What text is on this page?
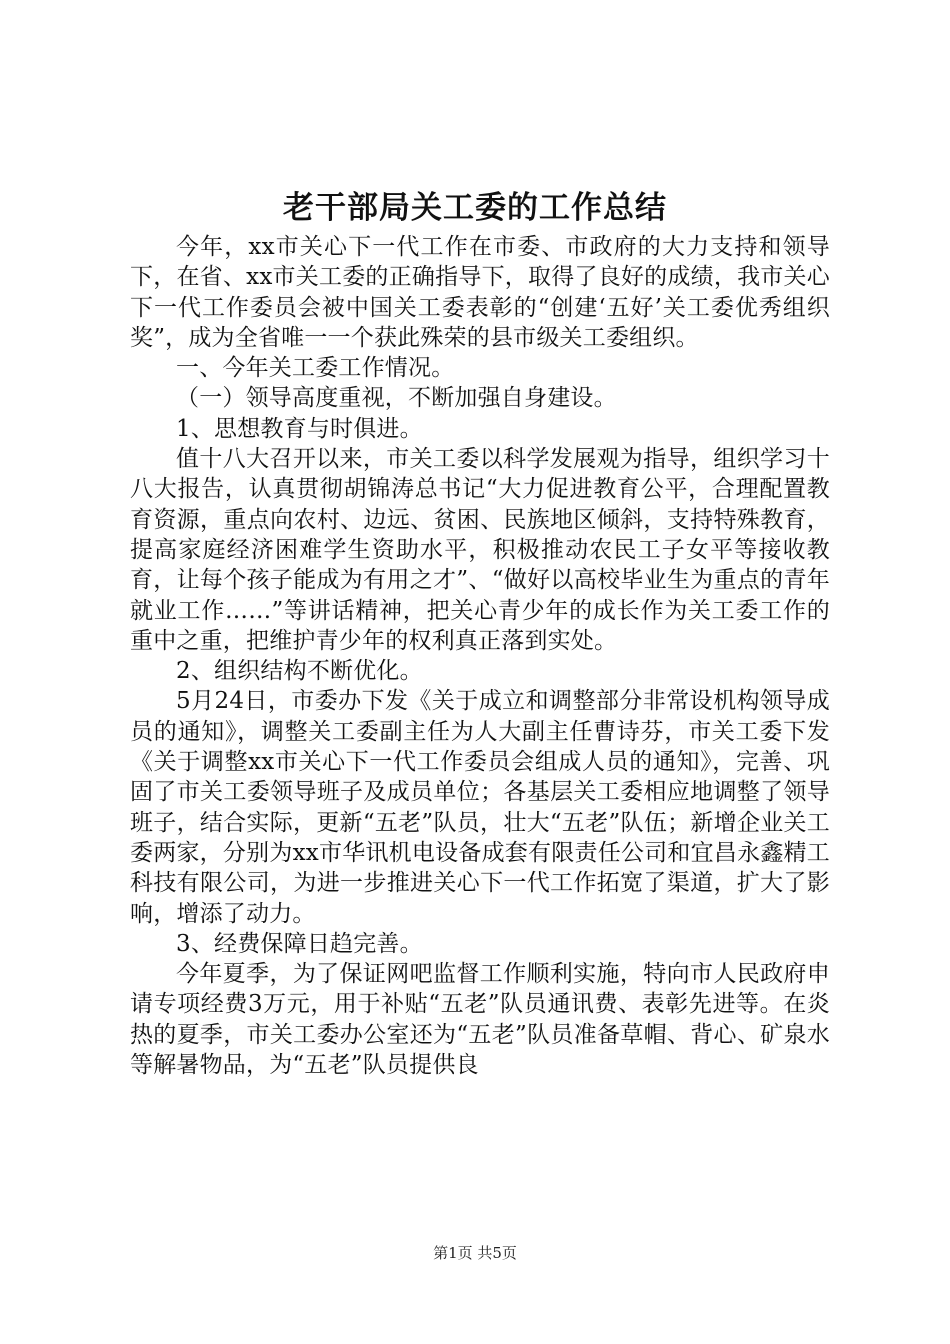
老干部局关工委的工作总结

今年，xx市关心下一代工作在市委、市政府的大力支持和领导下，在省、xx市关工委的正确指导下，取得了良好的成绩，我市关心下一代工作委员会被中国关工委表彰的“创建‘五好’关工委优秀组织奖”，成为全省唯一一个获此殊荣的县市级关工委组织。

一、今年关工委工作情况。

（一）领导高度重视，不断加强自身建设。

1、思想教育与时俱进。

值十八大召开以来，市关工委以科学发展观为指导，组织学习十八大报告，认真贯彻胡锦涛总书记“大力促进教育公平，合理配置教育资源，重点向农村、边远、贫困、民族地区倾斜，支持特殊教育，提高家庭经济困难学生资助水平，积极推动农民工子女平等接收教育，让每个孩子能成为有用之才”、“做好以高校毕业生为重点的青年就业工作……”等讲话精神，把关心青少年的成长作为关工委工作的重中之重，把维护青少年的权利真正落到实处。

2、组织结构不断优化。

5月24日，市委办下发《关于成立和调整部分非常设机构领导成员的通知》，调整关工委副主任为人大副主任曹诗芬，市关工委下发《关于调整xx市关心下一代工作委员会组成人员的通知》，完善、巩固了市关工委领导班子及成员单位；各基层关工委相应地调整了领导班子，结合实际，更新“五老”队员，壮大“五老”队伍；新增企业关工委两家，分别为xx市华讯机电设备成套有限责任公司和宜昌永鑫精工科技有限公司，为进一步推进关心下一代工作拓宽了渠道，扩大了影响，增添了动力。

3、经费保障日趋完善。

今年夏季，为了保证网吧监督工作顺利实施，特向市人民政府申请专项经费3万元，用于补贴“五老”队员通讯费、表彰先进等。在炎热的夏季，市关工委办公室还为“五老”队员准备草帽、背心、矿泉水等解暑物品，为“五老”队员提供良

第1页 共5页
